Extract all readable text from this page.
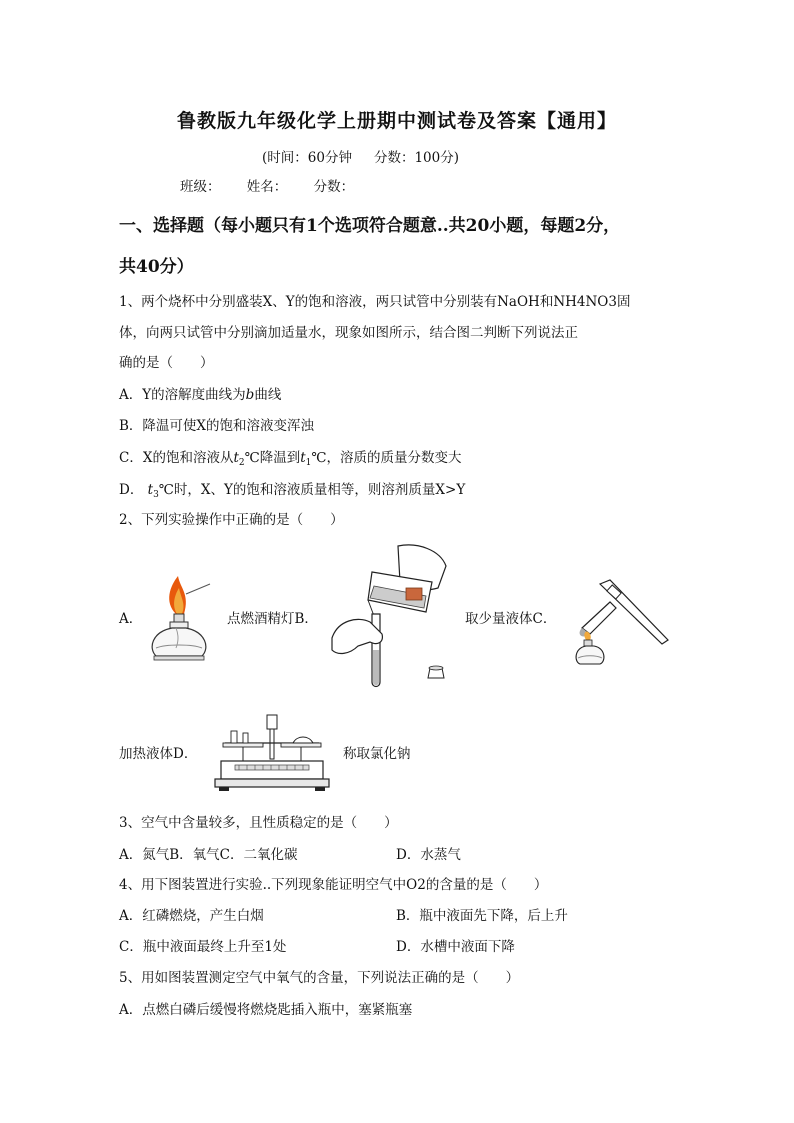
鲁教版九年级化学上册期中测试卷及答案【通用】
(时间：60分钟 分数：100分)
班级： 姓名： 分数：
一、选择题（每小题只有1个选项符合题意..共20小题，每题2分，
共40分）
1、两个烧杯中分别盛装X、Y的饱和溶液，两只试管中分别装有NaOH和NH4NO3固
体，向两只试管中分别滴加适量水，现象如图所示，结合图二判断下列说法正
确的是（　　）
A．Y的溶解度曲线为b曲线
B．降温可使X的饱和溶液变浑浊
C．X的饱和溶液从$t_2℃$降温到$t_1℃$，溶质的质量分数变大
D． $t_3℃$时，X、Y的饱和溶液质量相等，则溶剂质量X>Y
2、下列实验操作中正确的是（　　）
A．	点燃酒精灯B．	取少量液体C．
加热液体D．	称取氯化钠
3、空气中含量较多，且性质稳定的是（　　）
A．氮气B．氧气C．二氧化碳	D．水蒸气
4、用下图装置进行实验..下列现象能证明空气中O2的含量的是（　　）
A．红磷燃烧，产生白烟	B．瓶中液面先下降，后上升
C．瓶中液面最终上升至1处	D．水槽中液面下降
5、用如图装置测定空气中氧气的含量，下列说法正确的是（　　）
A．点燃白磷后缓慢将燃烧匙插入瓶中，塞紧瓶塞
